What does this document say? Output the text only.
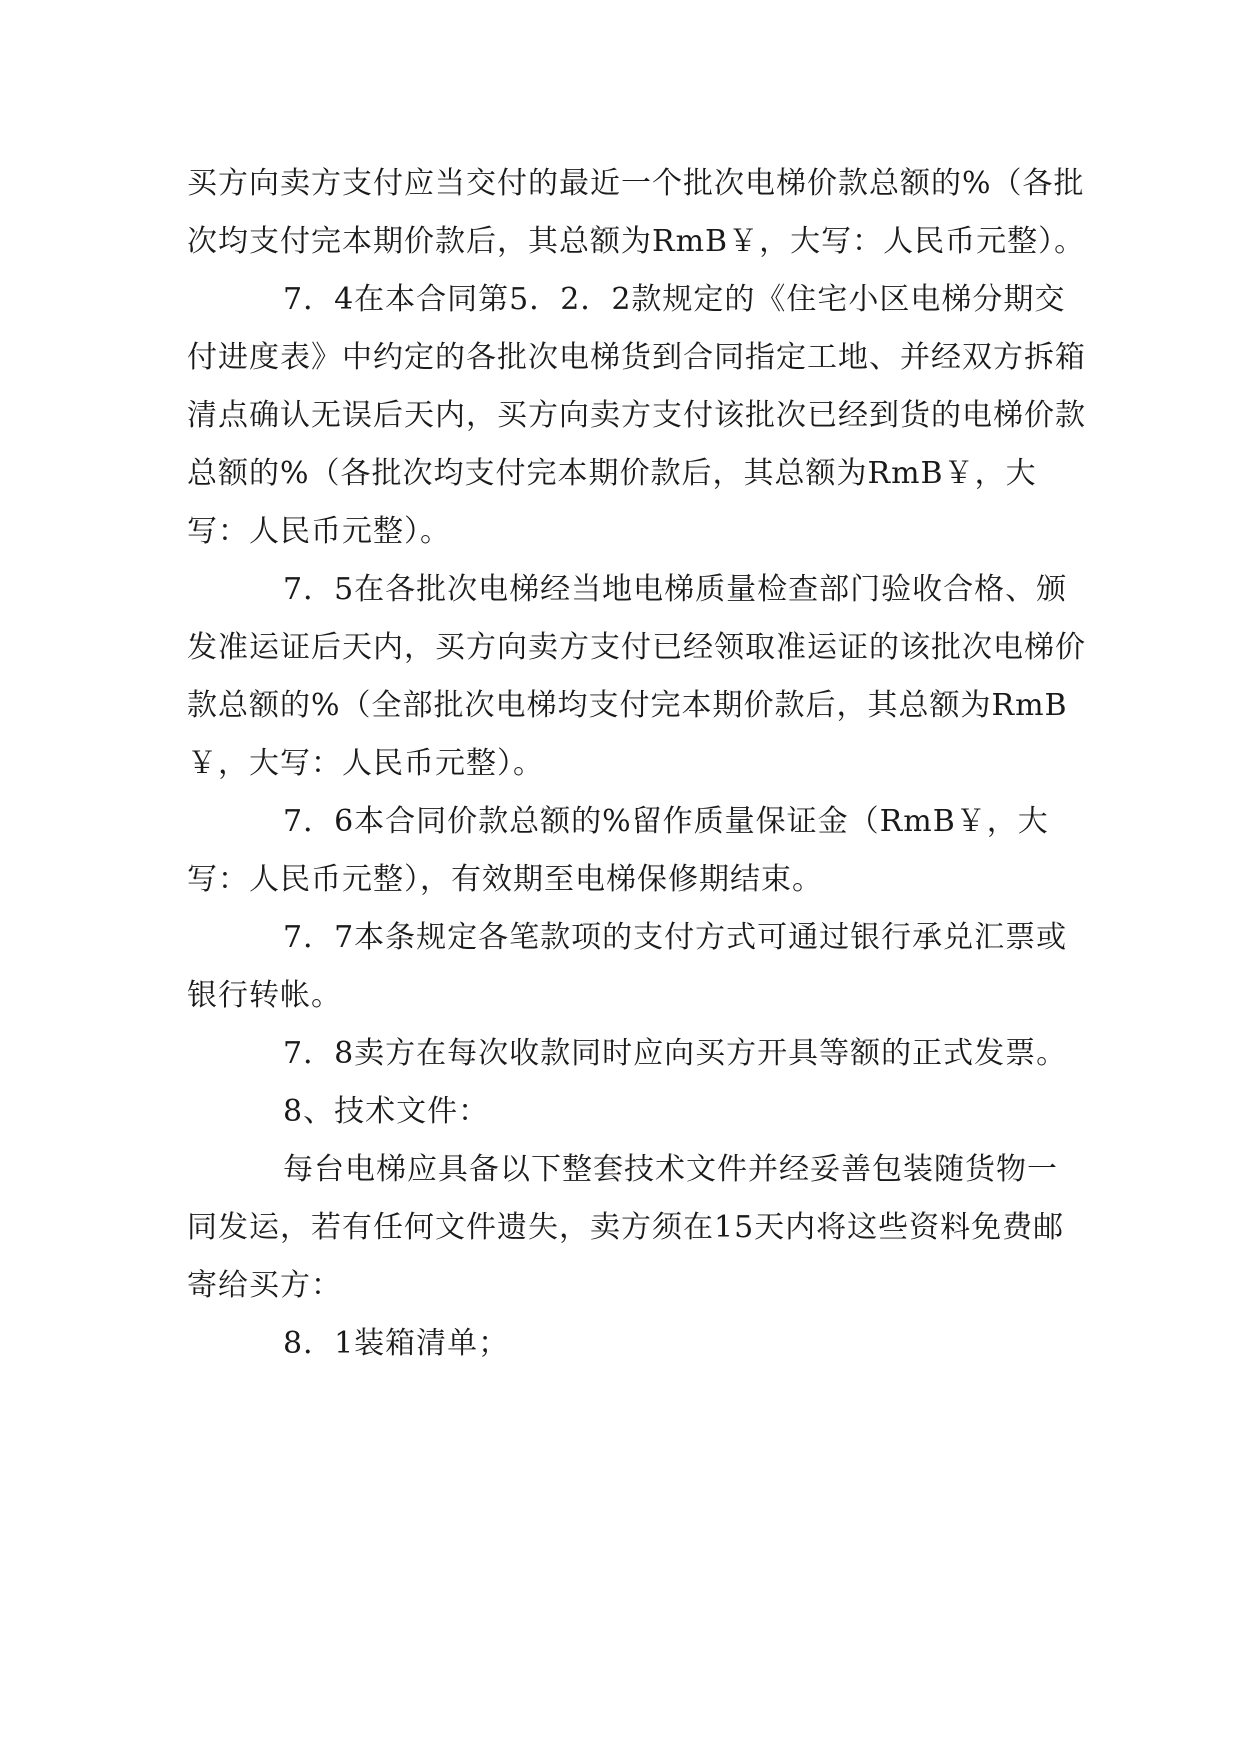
买方向卖方支付应当交付的最近一个批次电梯价款总额的%（各批次均支付完本期价款后，其总额为RmB￥，大写：人民币元整）。

7．4在本合同第5．2．2款规定的《住宅小区电梯分期交付进度表》中约定的各批次电梯货到合同指定工地、并经双方拆箱清点确认无误后天内，买方向卖方支付该批次已经到货的电梯价款总额的%（各批次均支付完本期价款后，其总额为RmB￥，大写：人民币元整）。

7．5在各批次电梯经当地电梯质量检查部门验收合格、颁发准运证后天内，买方向卖方支付已经领取准运证的该批次电梯价款总额的%（全部批次电梯均支付完本期价款后，其总额为RmB￥，大写：人民币元整）。

7．6本合同价款总额的%留作质量保证金（RmB￥，大写：人民币元整），有效期至电梯保修期结束。

7．7本条规定各笔款项的支付方式可通过银行承兑汇票或银行转帐。

7．8卖方在每次收款同时应向买方开具等额的正式发票。

8、技术文件：

每台电梯应具备以下整套技术文件并经妥善包装随货物一同发运，若有任何文件遗失，卖方须在15天内将这些资料免费邮寄给买方：

8．1装箱清单；
